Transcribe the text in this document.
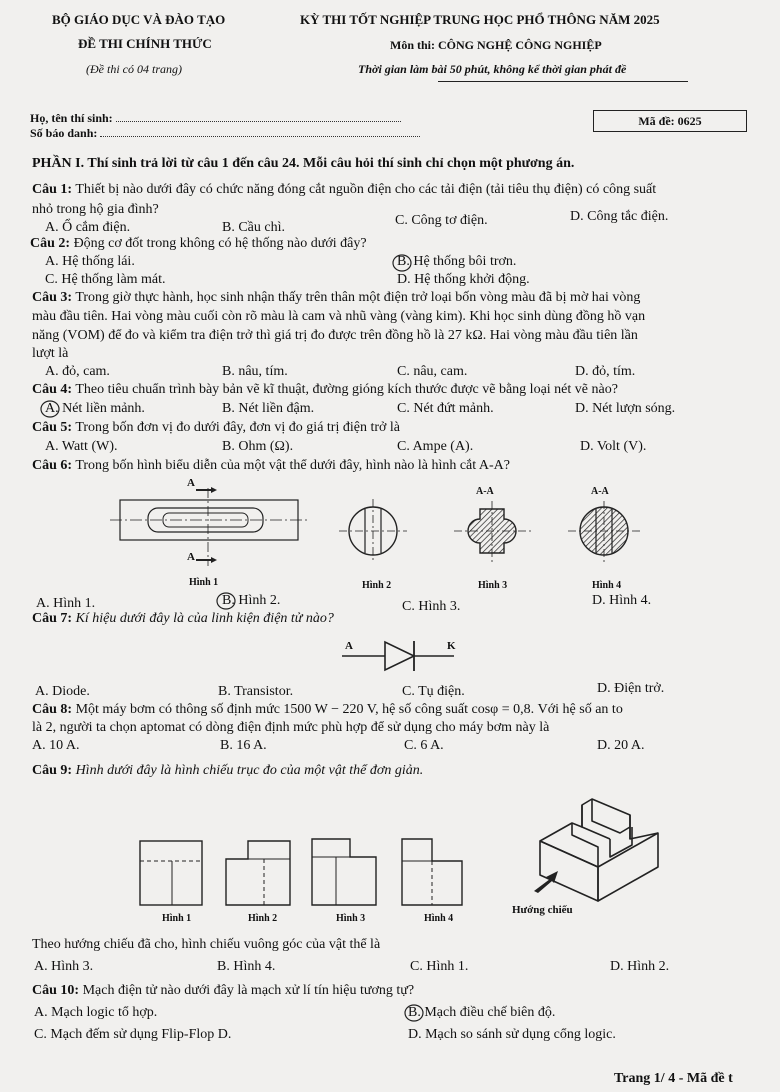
BỘ GIÁO DỤC VÀ ĐÀO TẠO	KỲ THI TỐT NGHIỆP TRUNG HỌC PHỔ THÔNG NĂM 2025
ĐỀ THI CHÍNH THỨC	Môn thi: CÔNG NGHỆ CÔNG NGHIỆP
(Đề thi có 04 trang)	Thời gian làm bài 50 phút, không kể thời gian phát đề
Họ, tên thí sinh:
Số báo danh:
Mã đề: 0625
PHẦN I. Thí sinh trả lời từ câu 1 đến câu 24. Mỗi câu hỏi thí sinh chỉ chọn một phương án.
Câu 1: Thiết bị nào dưới đây có chức năng đóng cắt nguồn điện cho các tải điện (tải tiêu thụ điện) có công suất
nhỏ trong hộ gia đình?
A. Ổ cắm điện.	B. Cầu chì.	C. Công tơ điện.	D. Công tắc điện.
Câu 2: Động cơ đốt trong không có hệ thống nào dưới đây?
A. Hệ thống lái.	B. Hệ thống bôi trơn.
C. Hệ thống làm mát.	D. Hệ thống khởi động.
Câu 3: Trong giờ thực hành, học sinh nhận thấy trên thân một điện trở loại bốn vòng màu đã bị mờ hai vòng
màu đầu tiên. Hai vòng màu cuối còn rõ màu là cam và nhũ vàng (vàng kim). Khi học sinh dùng đồng hồ vạn
năng (VOM) để đo và kiểm tra điện trở thì giá trị đo được trên đồng hồ là 27 kΩ. Hai vòng màu đầu tiên lần
lượt là
A. đỏ, cam.	B. nâu, tím.	C. nâu, cam.	D. đỏ, tím.
Câu 4: Theo tiêu chuẩn trình bày bản vẽ kĩ thuật, đường gióng kích thước được vẽ bằng loại nét vẽ nào?
A. Nét liền mảnh.	B. Nét liền đậm.	C. Nét đứt mảnh.	D. Nét lượn sóng.
Câu 5: Trong bốn đơn vị đo dưới đây, đơn vị đo giá trị điện trở là
A. Watt (W).	B. Ohm (Ω).	C. Ampe (A).	D. Volt (V).
Câu 6: Trong bốn hình biểu diễn của một vật thể dưới đây, hình nào là hình cắt A-A?
A
A
A-A	A-A
Hình 1	Hình 2	Hình 3	Hình 4
A. Hình 1.	B. Hình 2.	C. Hình 3.	D. Hình 4.
Câu 7: Kí hiệu dưới đây là của linh kiện điện tử nào?
A	K
A. Diode.	B. Transistor.	C. Tụ điện.	D. Điện trở.
Câu 8: Một máy bơm có thông số định mức 1500 W − 220 V, hệ số công suất cosφ = 0,8. Với hệ số an to
là 2, người ta chọn aptomat có dòng điện định mức phù hợp để sử dụng cho máy bơm này là
A. 10 A.	B. 16 A.	C. 6 A.	D. 20 A.
Câu 9: Hình dưới đây là hình chiếu trục đo của một vật thể đơn giản.
Hình 1	Hình 2	Hình 3	Hình 4
Hướng chiếu
Theo hướng chiếu đã cho, hình chiếu vuông góc của vật thể là
A. Hình 3.	B. Hình 4.	C. Hình 1.	D. Hình 2.
Câu 10: Mạch điện tử nào dưới đây là mạch xử lí tín hiệu tương tự?
A. Mạch logic tổ hợp.	B. Mạch điều chế biên độ.
C. Mạch đếm sử dụng Flip-Flop D.	D. Mạch so sánh sử dụng cổng logic.
Trang 1/ 4 - Mã đề t
